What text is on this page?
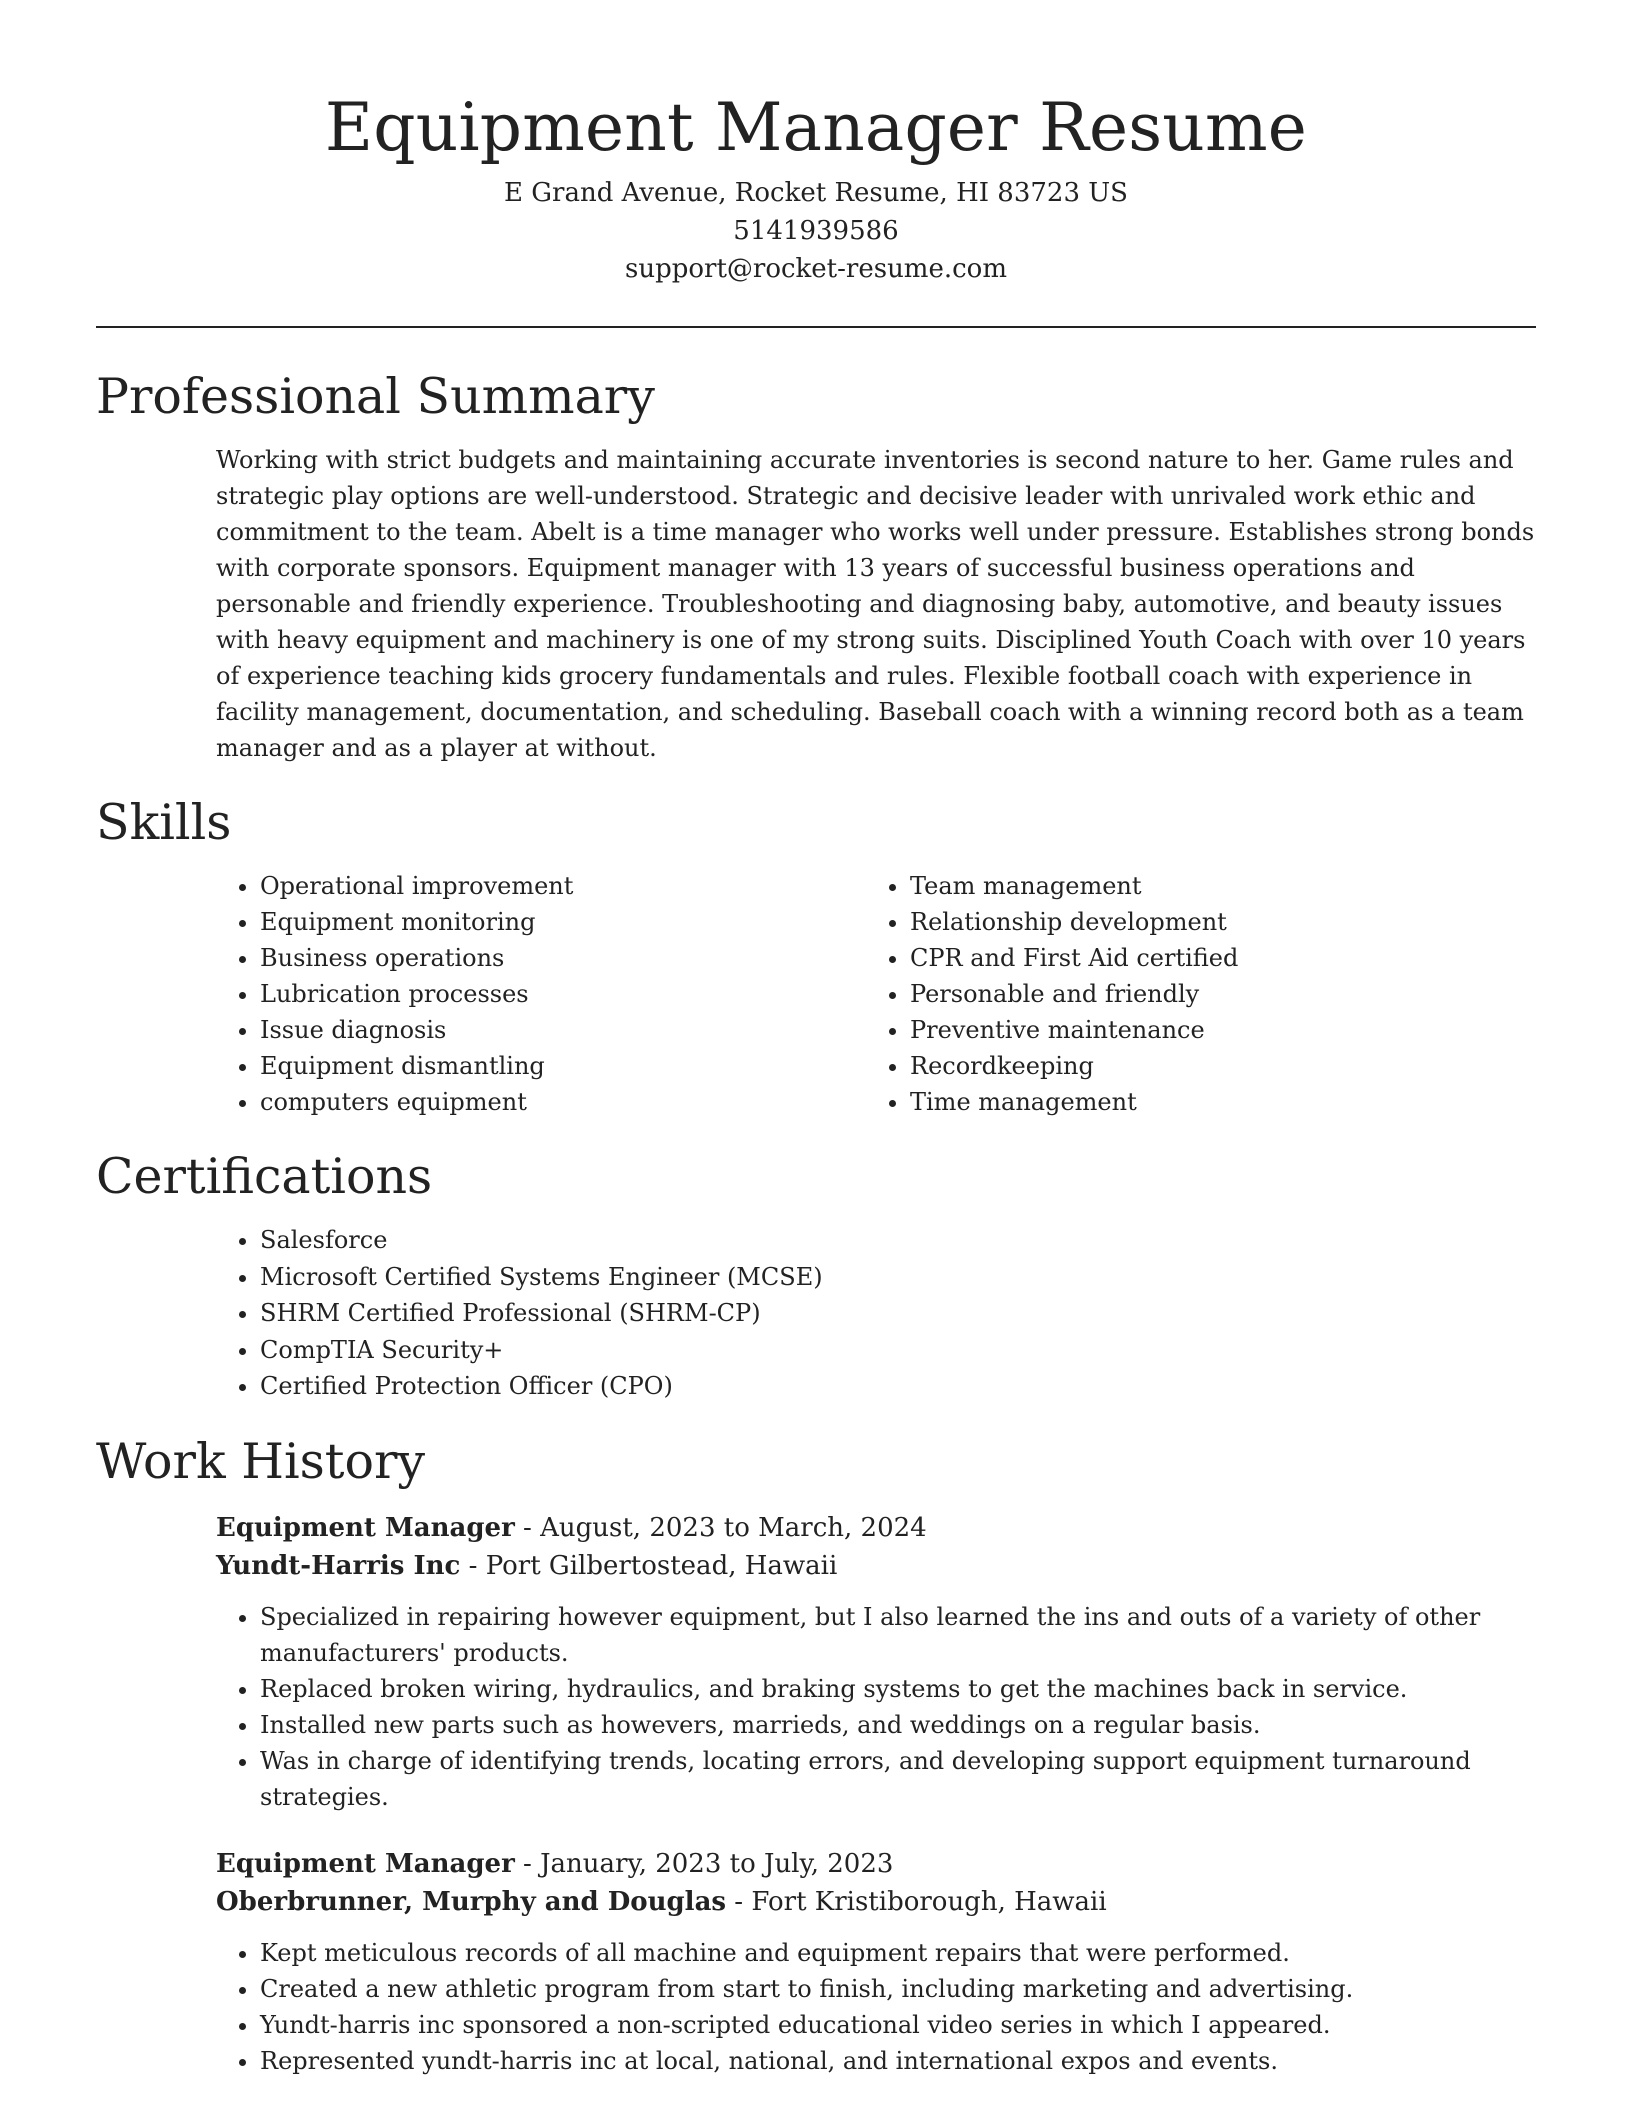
Equipment Manager Resume

E Grand Avenue, Rocket Resume, HI 83723 US

5141939586

support@rocket-resume.com

Professional Summary

Working with strict budgets and maintaining accurate inventories is second nature to her. Game rules and strategic play options are well-understood. Strategic and decisive leader with unrivaled work ethic and commitment to the team. Abelt is a time manager who works well under pressure. Establishes strong bonds with corporate sponsors. Equipment manager with 13 years of successful business operations and personable and friendly experience. Troubleshooting and diagnosing baby, automotive, and beauty issues with heavy equipment and machinery is one of my strong suits. Disciplined Youth Coach with over 10 years of experience teaching kids grocery fundamentals and rules. Flexible football coach with experience in facility management, documentation, and scheduling. Baseball coach with a winning record both as a team manager and as a player at without.

Skills
• Operational improvement
• Equipment monitoring
• Business operations
• Lubrication processes
• Issue diagnosis
• Equipment dismantling
• computers equipment
• Team management
• Relationship development
• CPR and First Aid certified
• Personable and friendly
• Preventive maintenance
• Recordkeeping
• Time management
Certifications
• Salesforce
• Microsoft Certified Systems Engineer (MCSE)
• SHRM Certified Professional (SHRM-CP)
• CompTIA Security+
• Certified Protection Officer (CPO)
Work History

Equipment Manager - August, 2023 to March, 2024

Yundt-Harris Inc - Port Gilbertostead, Hawaii

• Specialized in repairing however equipment, but I also learned the ins and outs of a variety of other manufacturers' products.
• Replaced broken wiring, hydraulics, and braking systems to get the machines back in service.
• Installed new parts such as howevers, marrieds, and weddings on a regular basis.
• Was in charge of identifying trends, locating errors, and developing support equipment turnaround strategies.

Equipment Manager - January, 2023 to July, 2023

Oberbrunner, Murphy and Douglas - Fort Kristiborough, Hawaii

• Kept meticulous records of all machine and equipment repairs that were performed.
• Created a new athletic program from start to finish, including marketing and advertising.
• Yundt-harris inc sponsored a non-scripted educational video series in which I appeared.
• Represented yundt-harris inc at local, national, and international expos and events.
